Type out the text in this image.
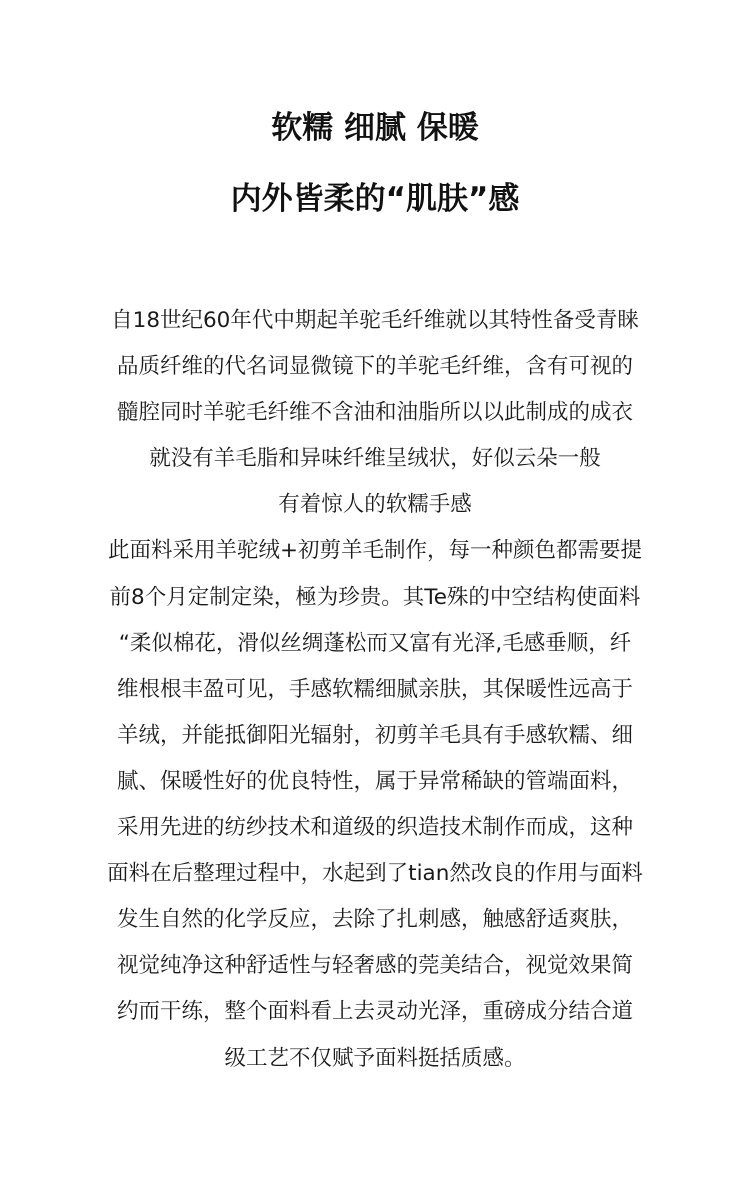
软糯 细腻 保暖
内外皆柔的“肌肤”感
自18世纪60年代中期起羊驼毛纤维就以其特性备受青睐
品质纤维的代名词显微镜下的羊驼毛纤维，含有可视的
髓腔同时羊驼毛纤维不含油和油脂所以以此制成的成衣
就没有羊毛脂和异味纤维呈绒状，好似云朵一般
有着惊人的软糯手感
此面料采用羊驼绒+初剪羊毛制作，每一种颜色都需要提
前8个月定制定染，極为珍贵。其Te殊的中空结构使面料
“柔似棉花，滑似丝绸蓬松而又富有光泽,毛感垂顺，纤
维根根丰盈可见，手感软糯细腻亲肤，其保暖性远高于
羊绒，并能抵御阳光辐射，初剪羊毛具有手感软糯、细
腻、保暖性好的优良特性，属于异常稀缺的管端面料，
采用先进的纺纱技术和道级的织造技术制作而成，这种
面料在后整理过程中，水起到了tian然改良的作用与面料
发生自然的化学反应，去除了扎刺感，触感舒适爽肤，
视觉纯净这种舒适性与轻奢感的莞美结合，视觉效果简
约而干练，整个面料看上去灵动光泽，重磅成分结合道
级工艺不仅赋予面料挺括质感。
